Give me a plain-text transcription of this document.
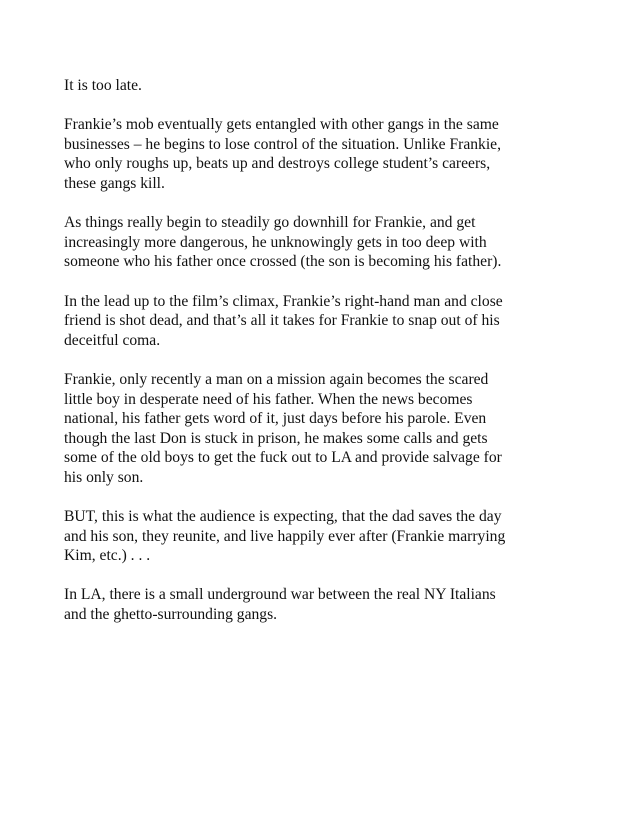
It is too late.

Frankie’s mob eventually gets entangled with other gangs in the same
businesses – he begins to lose control of the situation. Unlike Frankie,
who only roughs up, beats up and destroys college student’s careers,
these gangs kill.

As things really begin to steadily go downhill for Frankie, and get
increasingly more dangerous, he unknowingly gets in too deep with
someone who his father once crossed (the son is becoming his father).

In the lead up to the film’s climax, Frankie’s right-hand man and close
friend is shot dead, and that’s all it takes for Frankie to snap out of his
deceitful coma.

Frankie, only recently a man on a mission again becomes the scared
little boy in desperate need of his father. When the news becomes
national, his father gets word of it, just days before his parole. Even
though the last Don is stuck in prison, he makes some calls and gets
some of the old boys to get the fuck out to LA and provide salvage for
his only son.

BUT, this is what the audience is expecting, that the dad saves the day
and his son, they reunite, and live happily ever after (Frankie marrying
Kim, etc.) . . .

In LA, there is a small underground war between the real NY Italians
and the ghetto-surrounding gangs.
